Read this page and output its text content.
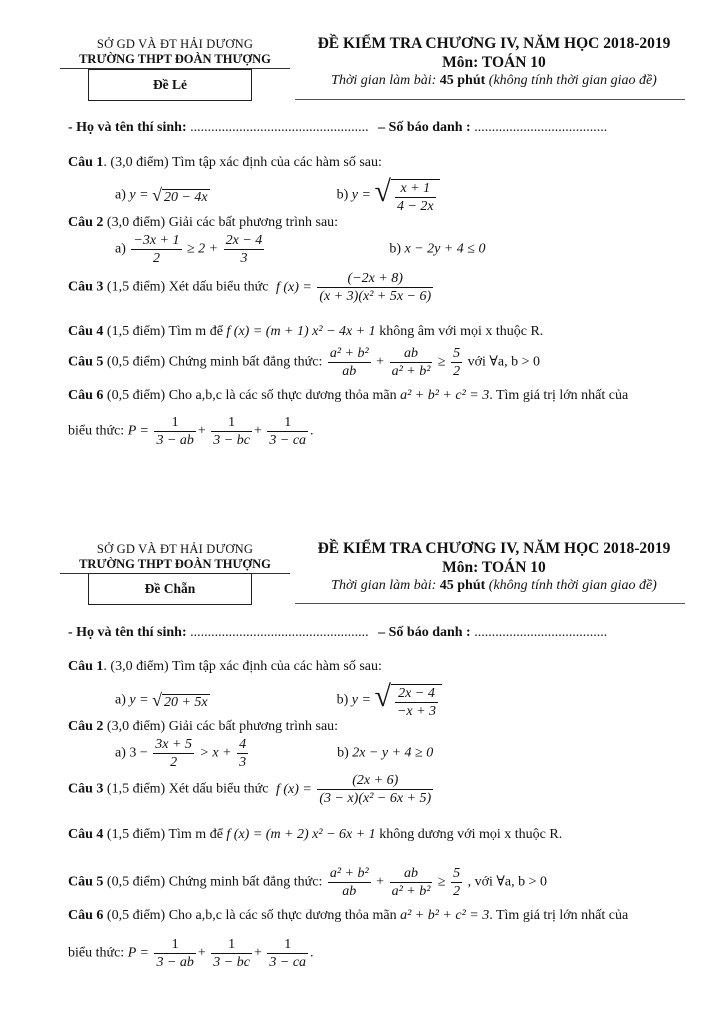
SỞ GD VÀ ĐT HẢI DƯƠNG
TRƯỜNG THPT ĐOÀN THƯỢNG
Đề Lẻ
ĐỀ KIỂM TRA CHƯƠNG IV, NĂM HỌC 2018-2019
Môn: TOÁN 10
Thời gian làm bài: 45 phút (không tính thời gian giao đề)
- Họ và tên thí sinh: ................................................... – Số báo danh : ......................................
Câu 1. (3,0 điểm) Tìm tập xác định của các hàm số sau:
a) y = √ 20 − 4x	b) y = √ $\frac{x + 1}{4 - 2x}$
Câu 2 (3,0 điểm) Giải các bất phương trình sau:
$a) \frac{-3x + 1}{2} \ge 2 + \frac{2x - 4}{3}$	b) x − 2y + 4 ≤ 0
Câu 3 (1,5 điểm) Xét dấu biểu thức f $(x) = \frac{(-2x + 8)}{\text{(x + 3)(x² + 5x − 6)}}$
Câu 4 (1,5 điểm) Tìm m để f (x) = (m + 1) x² − 4x + 1 không âm với mọi x thuộc R.
Câu 5 (0,5 điểm) Chứng minh bất đẳng thức: $\frac{\text{a² + b²}}{ab} + \frac{ab}{\text{a² + b²}} \ge \frac{5}{2}$ với ∀a, b > 0
Câu 6 (0,5 điểm) Cho a,b,c là các số thực dương thỏa mãn a² + b² + c² = 3. Tìm giá trị lớn nhất của
biểu thức: $P = \frac{1}{3 - ab} + \frac{1}{3 - bc} + \frac{1}{3 - ca}$ .
SỞ GD VÀ ĐT HẢI DƯƠNG
TRƯỜNG THPT ĐOÀN THƯỢNG
Đề Chẵn
ĐỀ KIỂM TRA CHƯƠNG IV, NĂM HỌC 2018-2019
Môn: TOÁN 10
Thời gian làm bài: 45 phút (không tính thời gian giao đề)
- Họ và tên thí sinh: ................................................... – Số báo danh : ......................................
Câu 1. (3,0 điểm) Tìm tập xác định của các hàm số sau:
a) y = √ 20 + 5x	b) y = √ $\frac{2x - 4}{-x + 3}$
Câu 2 (3,0 điểm) Giải các bất phương trình sau:
a) $3 - \frac{3x + 5}{2} > x + \frac{4}{3}$	b) 2x − y + 4 ≥ 0
Câu 3 (1,5 điểm) Xét dấu biểu thức f $(x) = \frac{(2x + 6)}{\text{(3 − x)(x² − 6x + 5)}}$
Câu 4 (1,5 điểm) Tìm m để f (x) = (m + 2) x² − 6x + 1 không dương với mọi x thuộc R.
Câu 5 (0,5 điểm) Chứng minh bất đẳng thức: $\frac{\text{a² + b²}}{ab} + \frac{ab}{\text{a² + b²}} \ge \frac{5}{2}$ , với ∀a, b > 0
Câu 6 (0,5 điểm) Cho a,b,c là các số thực dương thỏa mãn a² + b² + c² = 3. Tìm giá trị lớn nhất của
biểu thức: $P = \frac{1}{3 - ab} + \frac{1}{3 - bc} + \frac{1}{3 - ca}$ .
